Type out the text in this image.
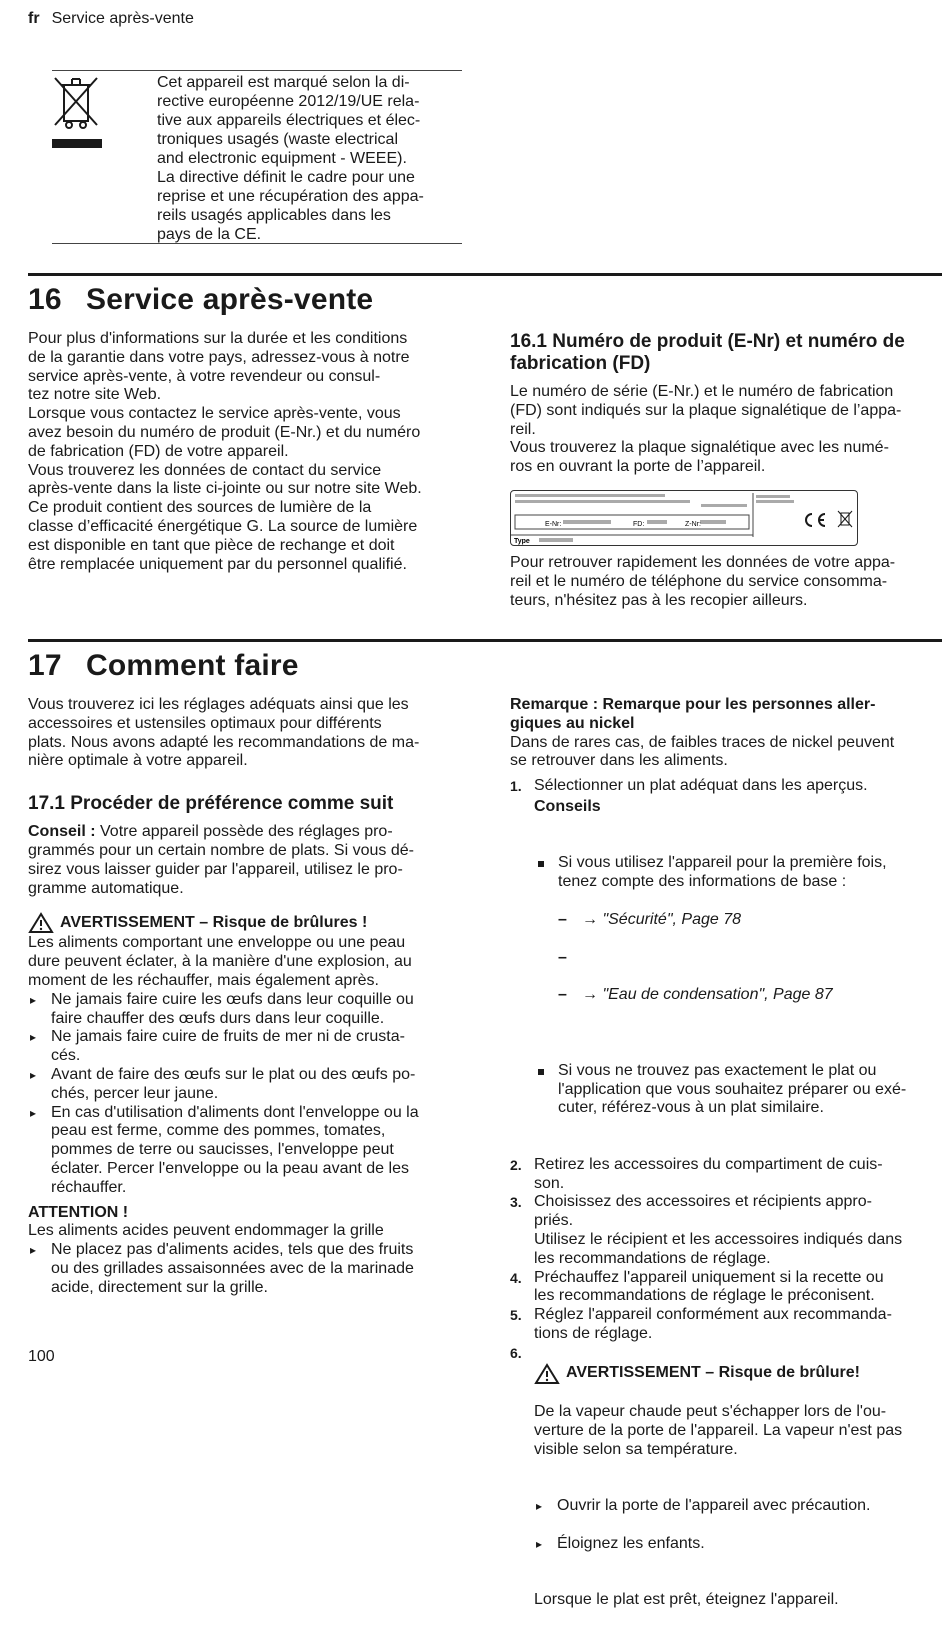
fr Service après-vente
Cet appareil est marqué selon la di-
rective européenne 2012/19/UE rela-
tive aux appareils électriques et élec-
troniques usagés (waste electrical
and electronic equipment - WEEE).
La directive définit le cadre pour une
reprise et une récupération des appa-
reils usagés applicables dans les
pays de la CE.
16 Service après-vente

Pour plus d'informations sur la durée et les conditions
de la garantie dans votre pays, adressez-vous à notre
service après-vente, à votre revendeur ou consul-
tez notre site Web.
Lorsque vous contactez le service après-vente, vous
avez besoin du numéro de produit (E-Nr.) et du numéro
de fabrication (FD) de votre appareil.
Vous trouverez les données de contact du service
après-vente dans la liste ci-jointe ou sur notre site Web.
Ce produit contient des sources de lumière de la
classe d’efficacité énergétique G. La source de lumière
est disponible en tant que pièce de rechange et doit
être remplacée uniquement par du personnel qualifié.

16.1 Numéro de produit (E-Nr) et numéro de
fabrication (FD)

Le numéro de série (E-Nr.) et le numéro de fabrication
(FD) sont indiqués sur la plaque signalétique de l’appa-
reil.
Vous trouverez la plaque signalétique avec les numé-
ros en ouvrant la porte de l’appareil.

E-Nr:	FD:	Z-Nr:
Type

Pour retrouver rapidement les données de votre appa-
reil et le numéro de téléphone du service consomma-
teurs, n'hésitez pas à les recopier ailleurs.

17 Comment faire

Vous trouverez ici les réglages adéquats ainsi que les
accessoires et ustensiles optimaux pour différents
plats. Nous avons adapté les recommandations de ma-
nière optimale à votre appareil.

17.1 Procéder de préférence comme suit

Conseil : Votre appareil possède des réglages pro-
grammés pour un certain nombre de plats. Si vous dé-
sirez vous laisser guider par l'appareil, utilisez le pro-
gramme automatique.

AVERTISSEMENT – Risque de brûlures !

Les aliments comportant une enveloppe ou une peau
dure peuvent éclater, à la manière d'une explosion, au
moment de les réchauffer, mais également après.

▸ Ne jamais faire cuire les œufs dans leur coquille ou
faire chauffer des œufs durs dans leur coquille.
▸ Ne jamais faire cuire de fruits de mer ni de crusta-
cés.
▸ Avant de faire des œufs sur le plat ou des œufs po-
chés, percer leur jaune.
▸ En cas d'utilisation d'aliments dont l'enveloppe ou la
peau est ferme, comme des pommes, tomates,
pommes de terre ou saucisses, l'enveloppe peut
éclater. Percer l'enveloppe ou la peau avant de les
réchauffer.

ATTENTION !

Les aliments acides peuvent endommager la grille

▸ Ne placez pas d'aliments acides, tels que des fruits
ou des grillades assaisonnées avec de la marinade
acide, directement sur la grille.

Remarque : Remarque pour les personnes aller-
giques au nickel

Dans de rares cas, de faibles traces de nickel peuvent
se retrouver dans les aliments.

1. Sélectionner un plat adéquat dans les aperçus.

Conseils

Si vous utilisez l'appareil pour la première fois,
tenez compte des informations de base :

– → "Sécurité", Page 78

–

– → "Eau de condensation", Page 87

Si vous ne trouvez pas exactement le plat ou
l'application que vous souhaitez préparer ou exé-
cuter, référez-vous à un plat similaire.

2. Retirez les accessoires du compartiment de cuis-
son.
3. Choisissez des accessoires et récipients appro-
priés.
Utilisez le récipient et les accessoires indiqués dans
les recommandations de réglage.
4. Préchauffez l'appareil uniquement si la recette ou
les recommandations de réglage le préconisent.
5. Réglez l'appareil conformément aux recommanda-
tions de réglage.
6.

AVERTISSEMENT – Risque de brûlure!

De la vapeur chaude peut s'échapper lors de l'ou-
verture de la porte de l'appareil. La vapeur n'est pas
visible selon sa température.

▸ Ouvrir la porte de l'appareil avec précaution.

▸ Éloignez les enfants.

Lorsque le plat est prêt, éteignez l'appareil.

100
